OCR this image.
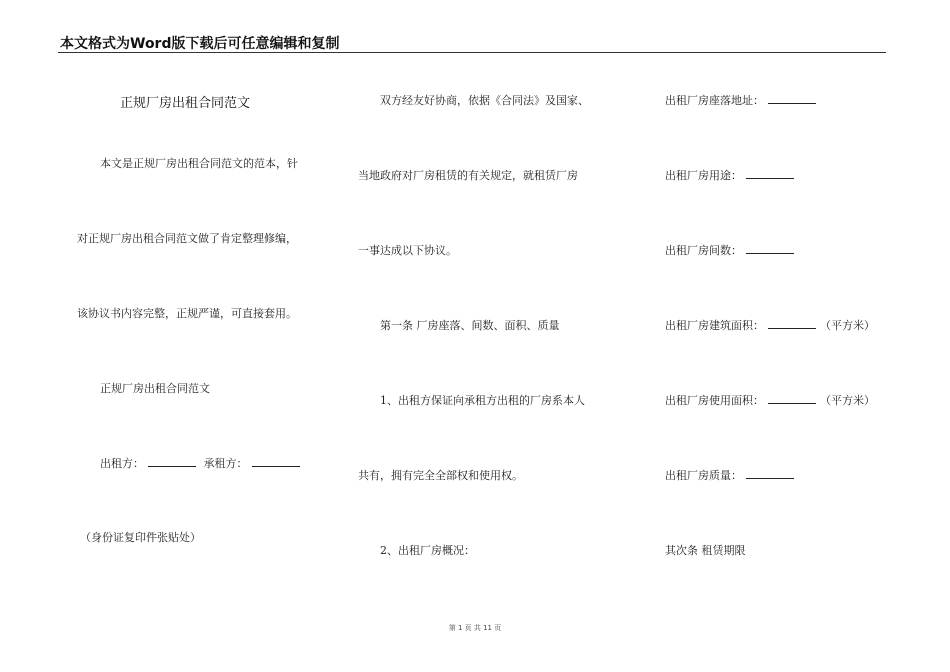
本文格式为Word版下载后可任意编辑和复制
正规厂房出租合同范文
本文是正规厂房出租合同范文的范本，针
对正规厂房出租合同范文做了肯定整理修编，
该协议书内容完整，正规严谨，可直接套用。
正规厂房出租合同范文
出租方：	承租方：
（身份证复印件张贴处）
双方经友好协商，依据《合同法》及国家、
当地政府对厂房租赁的有关规定，就租赁厂房
一事达成以下协议。
第一条 厂房座落、间数、面积、质量
1、出租方保证向承租方出租的厂房系本人
共有，拥有完全全部权和使用权。
2、出租厂房概况：
出租厂房座落地址：
出租厂房用途：
出租厂房间数：
出租厂房建筑面积：	（平方米）
出租厂房使用面积：	（平方米）
出租厂房质量：
其次条 租赁期限
第 1 页 共 11 页
